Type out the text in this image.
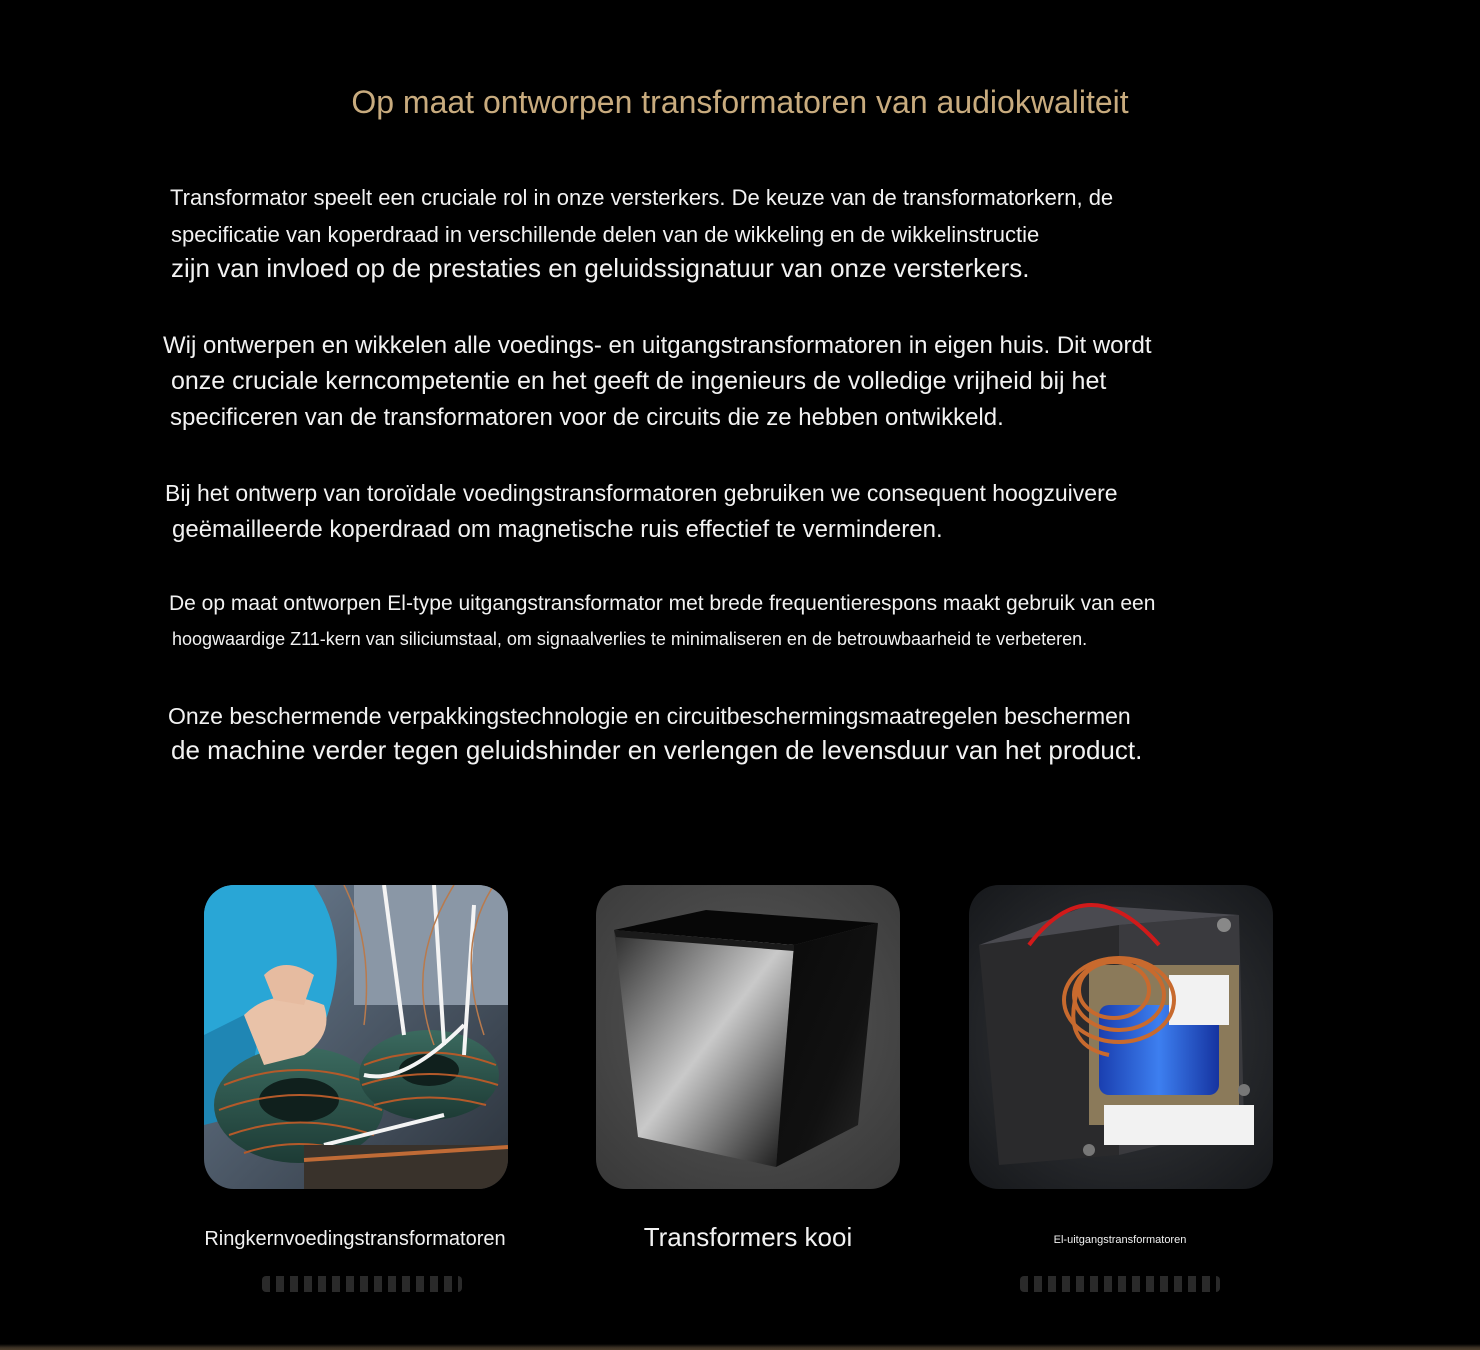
Op maat ontworpen transformatoren van audiokwaliteit
Transformator speelt een cruciale rol in onze versterkers. De keuze van de transformatorkern, de
specificatie van koperdraad in verschillende delen van de wikkeling en de wikkelinstructie
zijn van invloed op de prestaties en geluidssignatuur van onze versterkers.
Wij ontwerpen en wikkelen alle voedings- en uitgangstransformatoren in eigen huis. Dit wordt
onze cruciale kerncompetentie en het geeft de ingenieurs de volledige vrijheid bij het
specificeren van de transformatoren voor de circuits die ze hebben ontwikkeld.
Bij het ontwerp van toroïdale voedingstransformatoren gebruiken we consequent hoogzuivere
geëmailleerde koperdraad om magnetische ruis effectief te verminderen.
De op maat ontworpen El-type uitgangstransformator met brede frequentierespons maakt gebruik van een
hoogwaardige Z11-kern van siliciumstaal, om signaalverlies te minimaliseren en de betrouwbaarheid te verbeteren.
Onze beschermende verpakkingstechnologie en circuitbeschermingsmaatregelen beschermen
de machine verder tegen geluidshinder en verlengen de levensduur van het product.
Ringkernvoedingstransformatoren	Transformers kooi	El-uitgangstransformatoren
